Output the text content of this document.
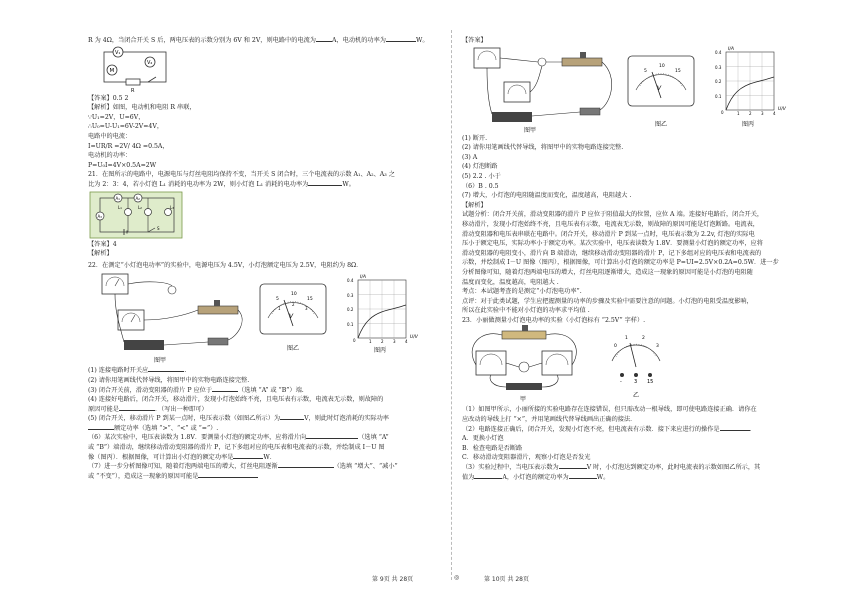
R 为 4Ω，当闭合开关 S 后，两电压表的示数分别为 6V 和 2V，则电路中的电流为	A，电动机的功率为	W。
V₁
V₂
M
R
【答案】0.5 2
【解析】如图，电动机和电阻 R 串联，
∵U₁=2V，U=6V，
∴U₀=U-U₁=6V-2V=4V，
电路中的电流：
I=UR/R =2V/ 4Ω =0.5A，
电动机的功率：
P=U₀I=4V×0.5A=2W
21．在图所示的电路中，电源电压与灯丝电阻均保持不变，当开关 S 闭合时，三个电流表的示数 A₁、A₂、A₃ 之
比为 2：3：4，若小灯泡 L₁ 消耗的电功率为 2W，则小灯泡 L₁ 消耗的电功率为	W。
A₁	A₂
A₃
L₁	L₂	L₃
S
【答案】4
【解析】
22．在测定“小灯泡电功率”的实验中，电源电压为 4.5V，小灯泡额定电压为 2.5V，电阻约为 8Ω．
图甲
V
5
10
15
1
2
3
图乙
I/A
U/V
0
0.1
0.2
0.3
0.4
1 2 3 4
图丙
(1) 连接电路时开关应	.
(2) 请你用笔画线代替导线，将图甲中的实物电路连接完整.
(3) 闭合开关前，滑动变阻器的滑片 P 应位于	（选填 “A” 或 “B”）端.
(4) 连接好电路后，闭合开关，移动滑片，发现小灯泡始终不亮，且电压表有示数，电流表无示数，则故障的
原因可能是	．（写出一种即可）
(5) 闭合开关，移动滑片 P 到某一点时，电压表示数（如图乙所示）为	V，则此时灯泡消耗的实际功率
额定功率（选填 “>”、“<” 或 “=”）.
（6）某次实验中，电压表读数为 1.8V．要测量小灯泡的额定功率，应将滑片向	（选填 “A”
或 “B”）端滑动，继续移动滑动变阻器的滑片 P，记下多组对应的电压表和电流表的示数，并绘制成 I－U 图
像（图丙）．根据图像，可计算出小灯泡的额定功率是	W．
（7）进一步分析图像可知，随着灯泡两端电压的增大，灯丝电阻逐渐	（选填 “增大”、“减小”
或 “不变”），造成这一现象的原因可能是
【答案】
图甲
V
5
10
15
图乙
I/A
U/V
0
0.1
0.2
0.3
0.4
1 2 3 4
图丙
(1) 断开.
(2) 请你用笔画线代替导线，将图甲中的实物电路连接完整.
(3) A
(4) 灯泡断路
(5) 2.2 . 小于
（6）B . 0.5
(7) 增大，小灯泡的电阻随温度而变化，温度越高，电阻越大 .
【解析】
试题分析：闭合开关前，滑动变阻器的滑片 P 应位于阻值最大的位置，应位 A 端。连接好电路后，闭合开关，
移动滑片，发现小灯泡始终不亮，且电压表有示数，电流表无示数，则故障的原因可能是灯泡断路。电流表，
滑动变阻器和电压表串联在电路中。闭合开关，移动滑片 P 到某一点时，电压表示数为 2.2v, 灯泡的实际电
压小于额定电压，实际功率小于额定功率。某次实验中，电压表读数为 1.8V．要测量小灯泡的额定功率，应将
滑动变阻器的电阻变小，滑片向 B 端滑动，继续移动滑动变阻器的滑片 P，记下多组对应的电压表和电流表的
示数，并绘制成 I－U 图像（图丙），根据图像，可计算出小灯泡的额定功率是 P=UI=2.5V×0.2A=0.5W．进一步
分析图像可知，随着灯泡两端电压的增大，灯丝电阻逐渐增大，造成这一现象的原因可能是小灯泡的电阻随
温度而变化，温度越高，电阻越大 .
考点：本试题考查的是测定“小灯泡电功率”.
点评：对于此类试题，学生应把握测量的功率的步骤及实验中需要注意的问题。小灯泡的电阻受温度影响，
所以在此实验中不能对小灯泡的功率求平均值 .
23．小丽做测量小灯泡电功率的实验（小灯泡标有 “2.5V” 字样）.
甲
0
1	2
3
- 3 15
乙
（1）如图甲所示，小丽所接的实验电路存在连接错误，但只需改动一根导线，即可使电路连接正确．请你在
应改动的导线上打 “×”，并用笔画线代替导线画出正确的接法．
（2）电路连接正确后，闭合开关，发现小灯泡不亮，但电流表有示数．接下来应进行的操作是	．
A．更换小灯泡
B．检查电路是否断路
C．移动滑动变阻器滑片，观察小灯泡是否发光
（3）实验过程中，当电压表示数为	V 时，小灯泡达到额定功率，此时电流表的示数如图乙所示，其
值为	A，小灯泡的额定功率为	W。
第 9页 共 28页	◎	第 10页 共 28页
